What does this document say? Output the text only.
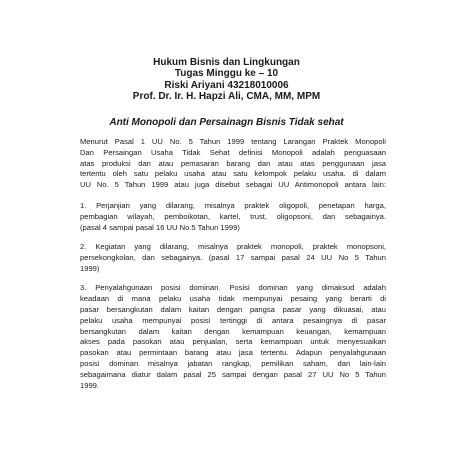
Hukum Bisnis dan Lingkungan
Tugas Minggu ke – 10
Riski Ariyani 43218010006
Prof. Dr. Ir. H. Hapzi Ali, CMA, MM, MPM
Anti Monopoli dan Persainagn Bisnis Tidak sehat

Menurut Pasal 1 UU No. 5 Tahun 1999 tentang Larangan Praktek Monopoli
Dan Persaingan Usaha Tidak Sehat definisi Monopoli adalah penguasaan
atas produksi dan atau pemasaran barang dan atau atas penggunaan jasa
tertentu oleh satu pelaku usaha atau satu kelompok pelaku usaha. di dalam
UU No. 5 Tahun 1999 atau juga disebut sebagai UU Antimonopoli antara lain:

1. Perjanjian yang dilarang, misalnya praktek oligopoli, penetapan harga,
pembagian wilayah, pemboikotan, kartel, trust, oligopsoni, dan sebagainya.
(pasal 4 sampai pasal 16 UU No.5 Tahun 1999)

2. Kegiatan yang dilarang, misalnya praktek monopoli, praktek monopsoni,
persekongkolan, dan sebagainya. (pasal 17 sampai pasal 24 UU No 5 Tahun
1999)

3. Penyalahgunaan posisi dominan. Posisi dominan yang dimaksud adalah
keadaan di mana pelaku usaha tidak mempunyai pesaing yang berarti di
pasar bersangkutan dalam kaitan dengan pangsa pasar yang dikuasai, atau
pelaku usaha mempunyai posisi tertinggi di antara pesaingnya di pasar
bersangkutan dalam kaitan dengan kemampuan keuangan, kemampuan
akses pada pasokan atau penjualan, serta kemampuan untuk menyesuaikan
pasokan atau permintaan barang atau jasa tertentu. Adapun penyalahgunaan
posisi dominan misalnya jabatan rangkap, pemilikan saham, dan lain-lain
sebagaimana diatur dalam pasal 25 sampai dengan pasal 27 UU No 5 Tahun
1999.
